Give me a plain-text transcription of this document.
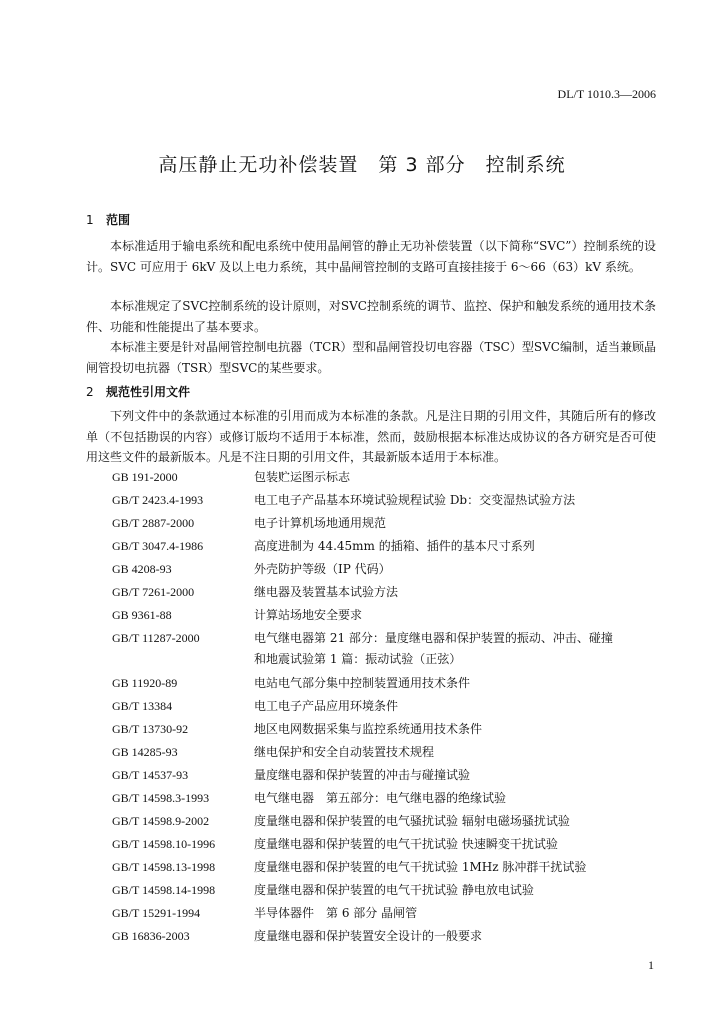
DL/T 1010.3—2006
高压静止无功补偿装置　第 3 部分　控制系统
1 范围
本标准适用于输电系统和配电系统中使用晶闸管的静止无功补偿装置（以下简称“SVC”）控制系统的设计。SVC 可应用于 6kV 及以上电力系统，其中晶闸管控制的支路可直接挂接于 6～66（63）kV 系统。
本标准规定了SVC控制系统的设计原则，对SVC控制系统的调节、监控、保护和触发系统的通用技术条件、功能和性能提出了基本要求。
本标准主要是针对晶闸管控制电抗器（TCR）型和晶闸管投切电容器（TSC）型SVC编制，适当兼顾晶闸管投切电抗器（TSR）型SVC的某些要求。
2 规范性引用文件
下列文件中的条款通过本标准的引用而成为本标准的条款。凡是注日期的引用文件，其随后所有的修改单（不包括勘误的内容）或修订版均不适用于本标准，然而，鼓励根据本标准达成协议的各方研究是否可使用这些文件的最新版本。凡是不注日期的引用文件，其最新版本适用于本标准。
GB 191-2000	包装贮运图示标志
GB/T 2423.4-1993	电工电子产品基本环境试验规程试验 Db：交变湿热试验方法
GB/T 2887-2000	电子计算机场地通用规范
GB/T 3047.4-1986	高度进制为 44.45mm 的插箱、插件的基本尺寸系列
GB 4208-93	外壳防护等级（IP 代码）
GB/T 7261-2000	继电器及装置基本试验方法
GB 9361-88	计算站场地安全要求
GB/T 11287-2000	电气继电器第 21 部分：量度继电器和保护装置的振动、冲击、碰撞
和地震试验第 1 篇：振动试验（正弦）
GB 11920-89	电站电气部分集中控制装置通用技术条件
GB/T 13384	电工电子产品应用环境条件
GB/T 13730-92	地区电网数据采集与监控系统通用技术条件
GB 14285-93	继电保护和安全自动装置技术规程
GB/T 14537-93	量度继电器和保护装置的冲击与碰撞试验
GB/T 14598.3-1993	电气继电器　第五部分：电气继电器的绝缘试验
GB/T 14598.9-2002	度量继电器和保护装置的电气骚扰试验 辐射电磁场骚扰试验
GB/T 14598.10-1996	度量继电器和保护装置的电气干扰试验 快速瞬变干扰试验
GB/T 14598.13-1998	度量继电器和保护装置的电气干扰试验 1MHz 脉冲群干扰试验
GB/T 14598.14-1998	度量继电器和保护装置的电气干扰试验 静电放电试验
GB/T 15291-1994	半导体器件　第 6 部分 晶闸管
GB 16836-2003	度量继电器和保护装置安全设计的一般要求
1
